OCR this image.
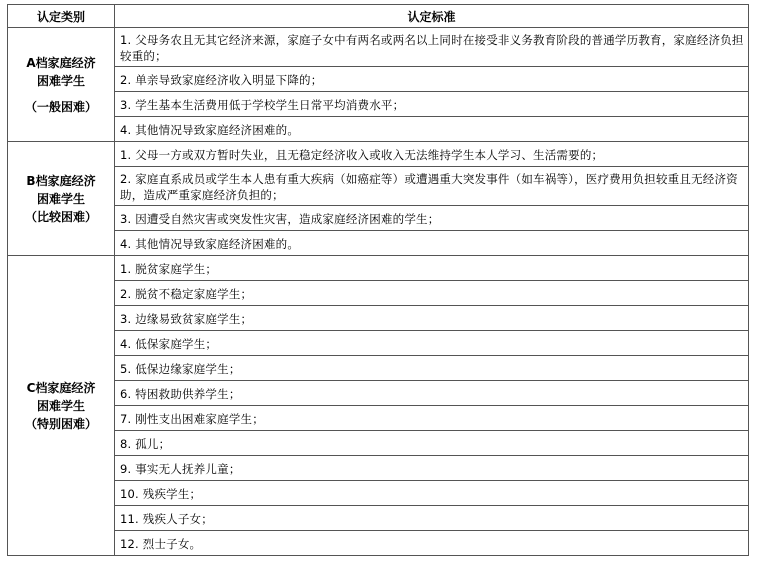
认定类别	认定标准
A档家庭经济
困难学生
（一般困难）	1. 父母务农且无其它经济来源，家庭子女中有两名或两名以上同时在接受非义务教育阶段的普通学历教育，家庭经济负担较重的；
	2. 单亲导致家庭经济收入明显下降的；
	3. 学生基本生活费用低于学校学生日常平均消费水平；
	4. 其他情况导致家庭经济困难的。
B档家庭经济
困难学生
（比较困难）	1. 父母一方或双方暂时失业，且无稳定经济收入或收入无法维持学生本人学习、生活需要的；
	2. 家庭直系成员或学生本人患有重大疾病（如癌症等）或遭遇重大突发事件（如车祸等），医疗费用负担较重且无经济资助，造成严重家庭经济负担的；
	3. 因遭受自然灾害或突发性灾害，造成家庭经济困难的学生；
	4. 其他情况导致家庭经济困难的。
C档家庭经济
困难学生
（特别困难）	1. 脱贫家庭学生；
	2. 脱贫不稳定家庭学生；
	3. 边缘易致贫家庭学生；
	4. 低保家庭学生；
	5. 低保边缘家庭学生；
	6. 特困救助供养学生；
	7. 刚性支出困难家庭学生；
	8. 孤儿；
	9. 事实无人抚养儿童；
	10. 残疾学生；
	11. 残疾人子女；
	12. 烈士子女。
